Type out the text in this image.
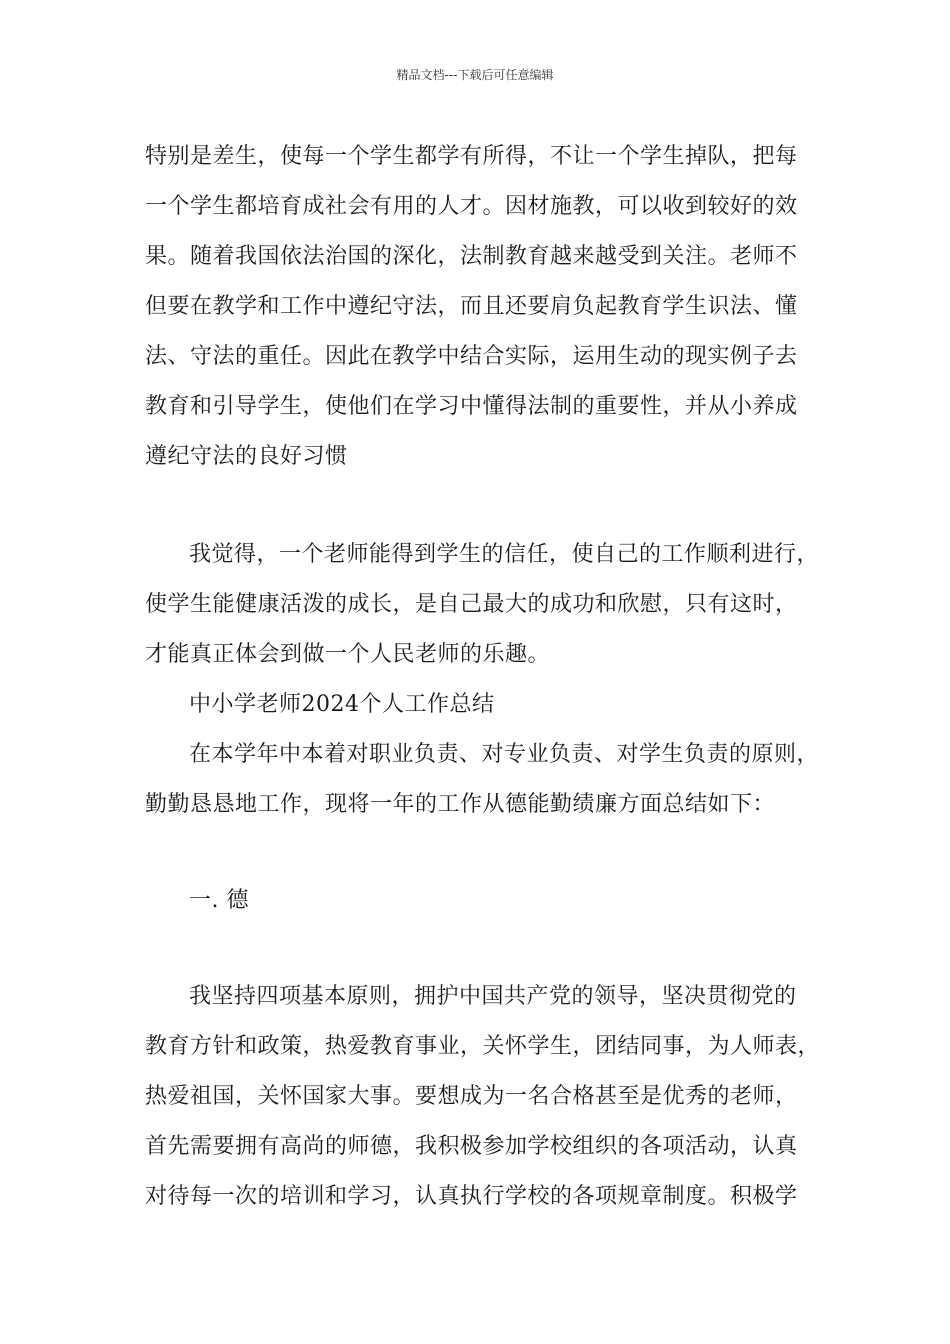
精品文档---下载后可任意编辑
特别是差生，使每一个学生都学有所得，不让一个学生掉队，把每
一个学生都培育成社会有用的人才。因材施教，可以收到较好的效
果。随着我国依法治国的深化，法制教育越来越受到关注。老师不
但要在教学和工作中遵纪守法，而且还要肩负起教育学生识法、懂
法、守法的重任。因此在教学中结合实际，运用生动的现实例子去
教育和引导学生，使他们在学习中懂得法制的重要性，并从小养成
遵纪守法的良好习惯
我觉得，一个老师能得到学生的信任，使自己的工作顺利进行，
使学生能健康活泼的成长，是自己最大的成功和欣慰，只有这时，
才能真正体会到做一个人民老师的乐趣。
中小学老师2024个人工作总结
在本学年中本着对职业负责、对专业负责、对学生负责的原则，
勤勤恳恳地工作，现将一年的工作从德能勤绩廉方面总结如下：
一. 德
我坚持四项基本原则，拥护中国共产党的领导，坚决贯彻党的
教育方针和政策，热爱教育事业，关怀学生，团结同事，为人师表，
热爱祖国，关怀国家大事。要想成为一名合格甚至是优秀的老师，
首先需要拥有高尚的师德，我积极参加学校组织的各项活动，认真
对待每一次的培训和学习，认真执行学校的各项规章制度。积极学
